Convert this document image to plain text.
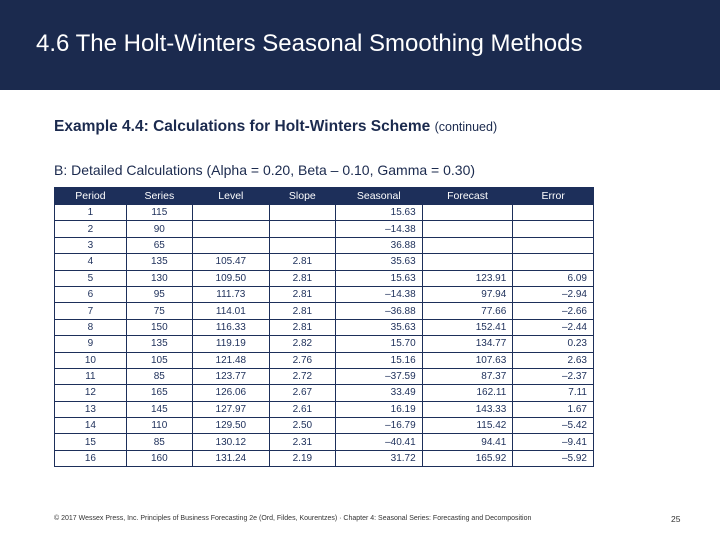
4.6 The Holt-Winters Seasonal Smoothing Methods
Example 4.4: Calculations for Holt-Winters Scheme (continued)
B: Detailed Calculations (Alpha = 0.20, Beta – 0.10, Gamma = 0.30)
Period	Series	Level	Slope	Seasonal	Forecast	Error
1	115			15.63		
2	90			–14.38		
3	65			36.88		
4	135	105.47	2.81	35.63		
5	130	109.50	2.81	15.63	123.91	6.09
6	95	111.73	2.81	–14.38	97.94	–2.94
7	75	114.01	2.81	–36.88	77.66	–2.66
8	150	116.33	2.81	35.63	152.41	–2.44
9	135	119.19	2.82	15.70	134.77	0.23
10	105	121.48	2.76	15.16	107.63	2.63
11	85	123.77	2.72	–37.59	87.37	–2.37
12	165	126.06	2.67	33.49	162.11	7.11
13	145	127.97	2.61	16.19	143.33	1.67
14	110	129.50	2.50	–16.79	115.42	–5.42
15	85	130.12	2.31	–40.41	94.41	–9.41
16	160	131.24	2.19	31.72	165.92	–5.92
© 2017 Wessex Press, Inc. Principles of Business Forecasting 2e (Ord, Fildes, Kourentzes) · Chapter 4: Seasonal Series: Forecasting and Decomposition	25
